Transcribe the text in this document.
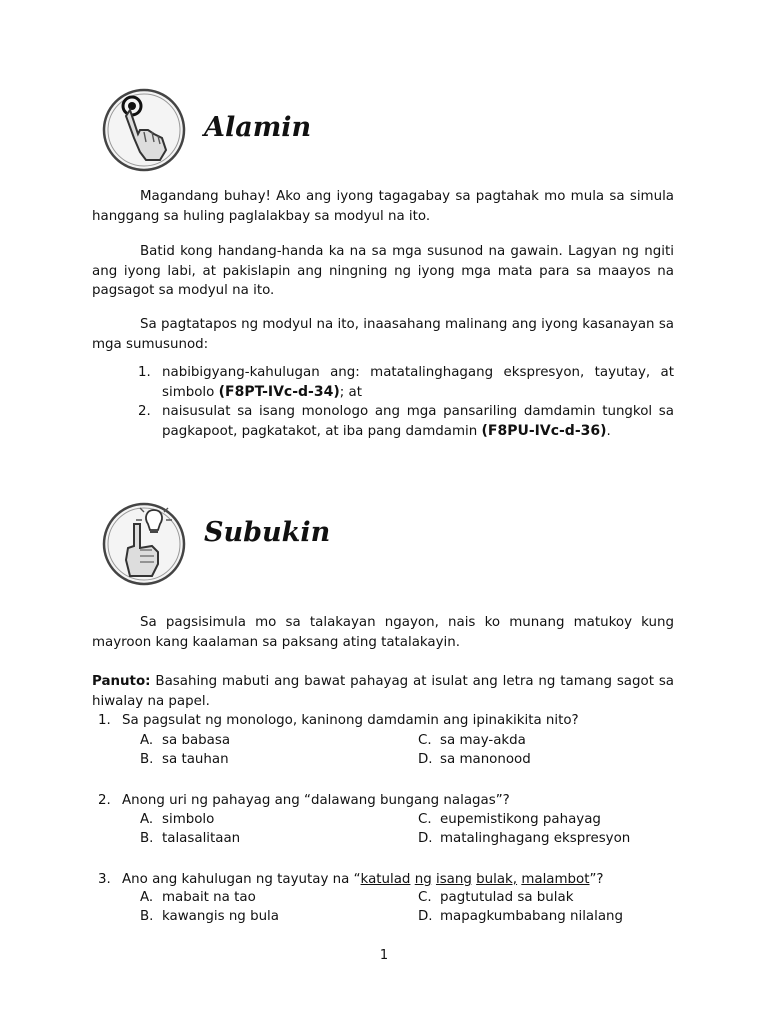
Alamin
Magandang buhay! Ako ang iyong tagagabay sa pagtahak mo mula sa simula hanggang sa huling paglalakbay sa modyul na ito.
Batid kong handang-handa ka na sa mga susunod na gawain. Lagyan ng ngiti ang iyong labi, at pakislapin ang ningning ng iyong mga mata para sa maayos na pagsagot sa modyul na ito.
Sa pagtatapos ng modyul na ito, inaasahang malinang ang iyong kasanayan sa mga sumusunod:
1. nabibigyang-kahulugan ang: matatalinghagang ekspresyon, tayutay, at simbolo (F8PT-IVc-d-34); at
2. naisusulat sa isang monologo ang mga pansariling damdamin tungkol sa pagkapoot, pagkatakot, at iba pang damdamin (F8PU-IVc-d-36).
Subukin
Sa pagsisimula mo sa talakayan ngayon, nais ko munang matukoy kung mayroon kang kaalaman sa paksang ating tatalakayin.
Panuto: Basahing mabuti ang bawat pahayag at isulat ang letra ng tamang sagot sa hiwalay na papel.
1. Sa pagsulat ng monologo, kaninong damdamin ang ipinakikita nito?
A. sa babasa
B. sa tauhan
C. sa may-akda
D. sa manonood
2. Anong uri ng pahayag ang “dalawang bungang nalagas”?
A. simbolo
B. talasalitaan
C. eupemistikong pahayag
D. matalinghagang ekspresyon
3. Ano ang kahulugan ng tayutay na “katulad ng isang bulak, malambot”?
A. mabait na tao
B. kawangis ng bula
C. pagtutulad sa bulak
D. mapagkumbabang nilalang
1
